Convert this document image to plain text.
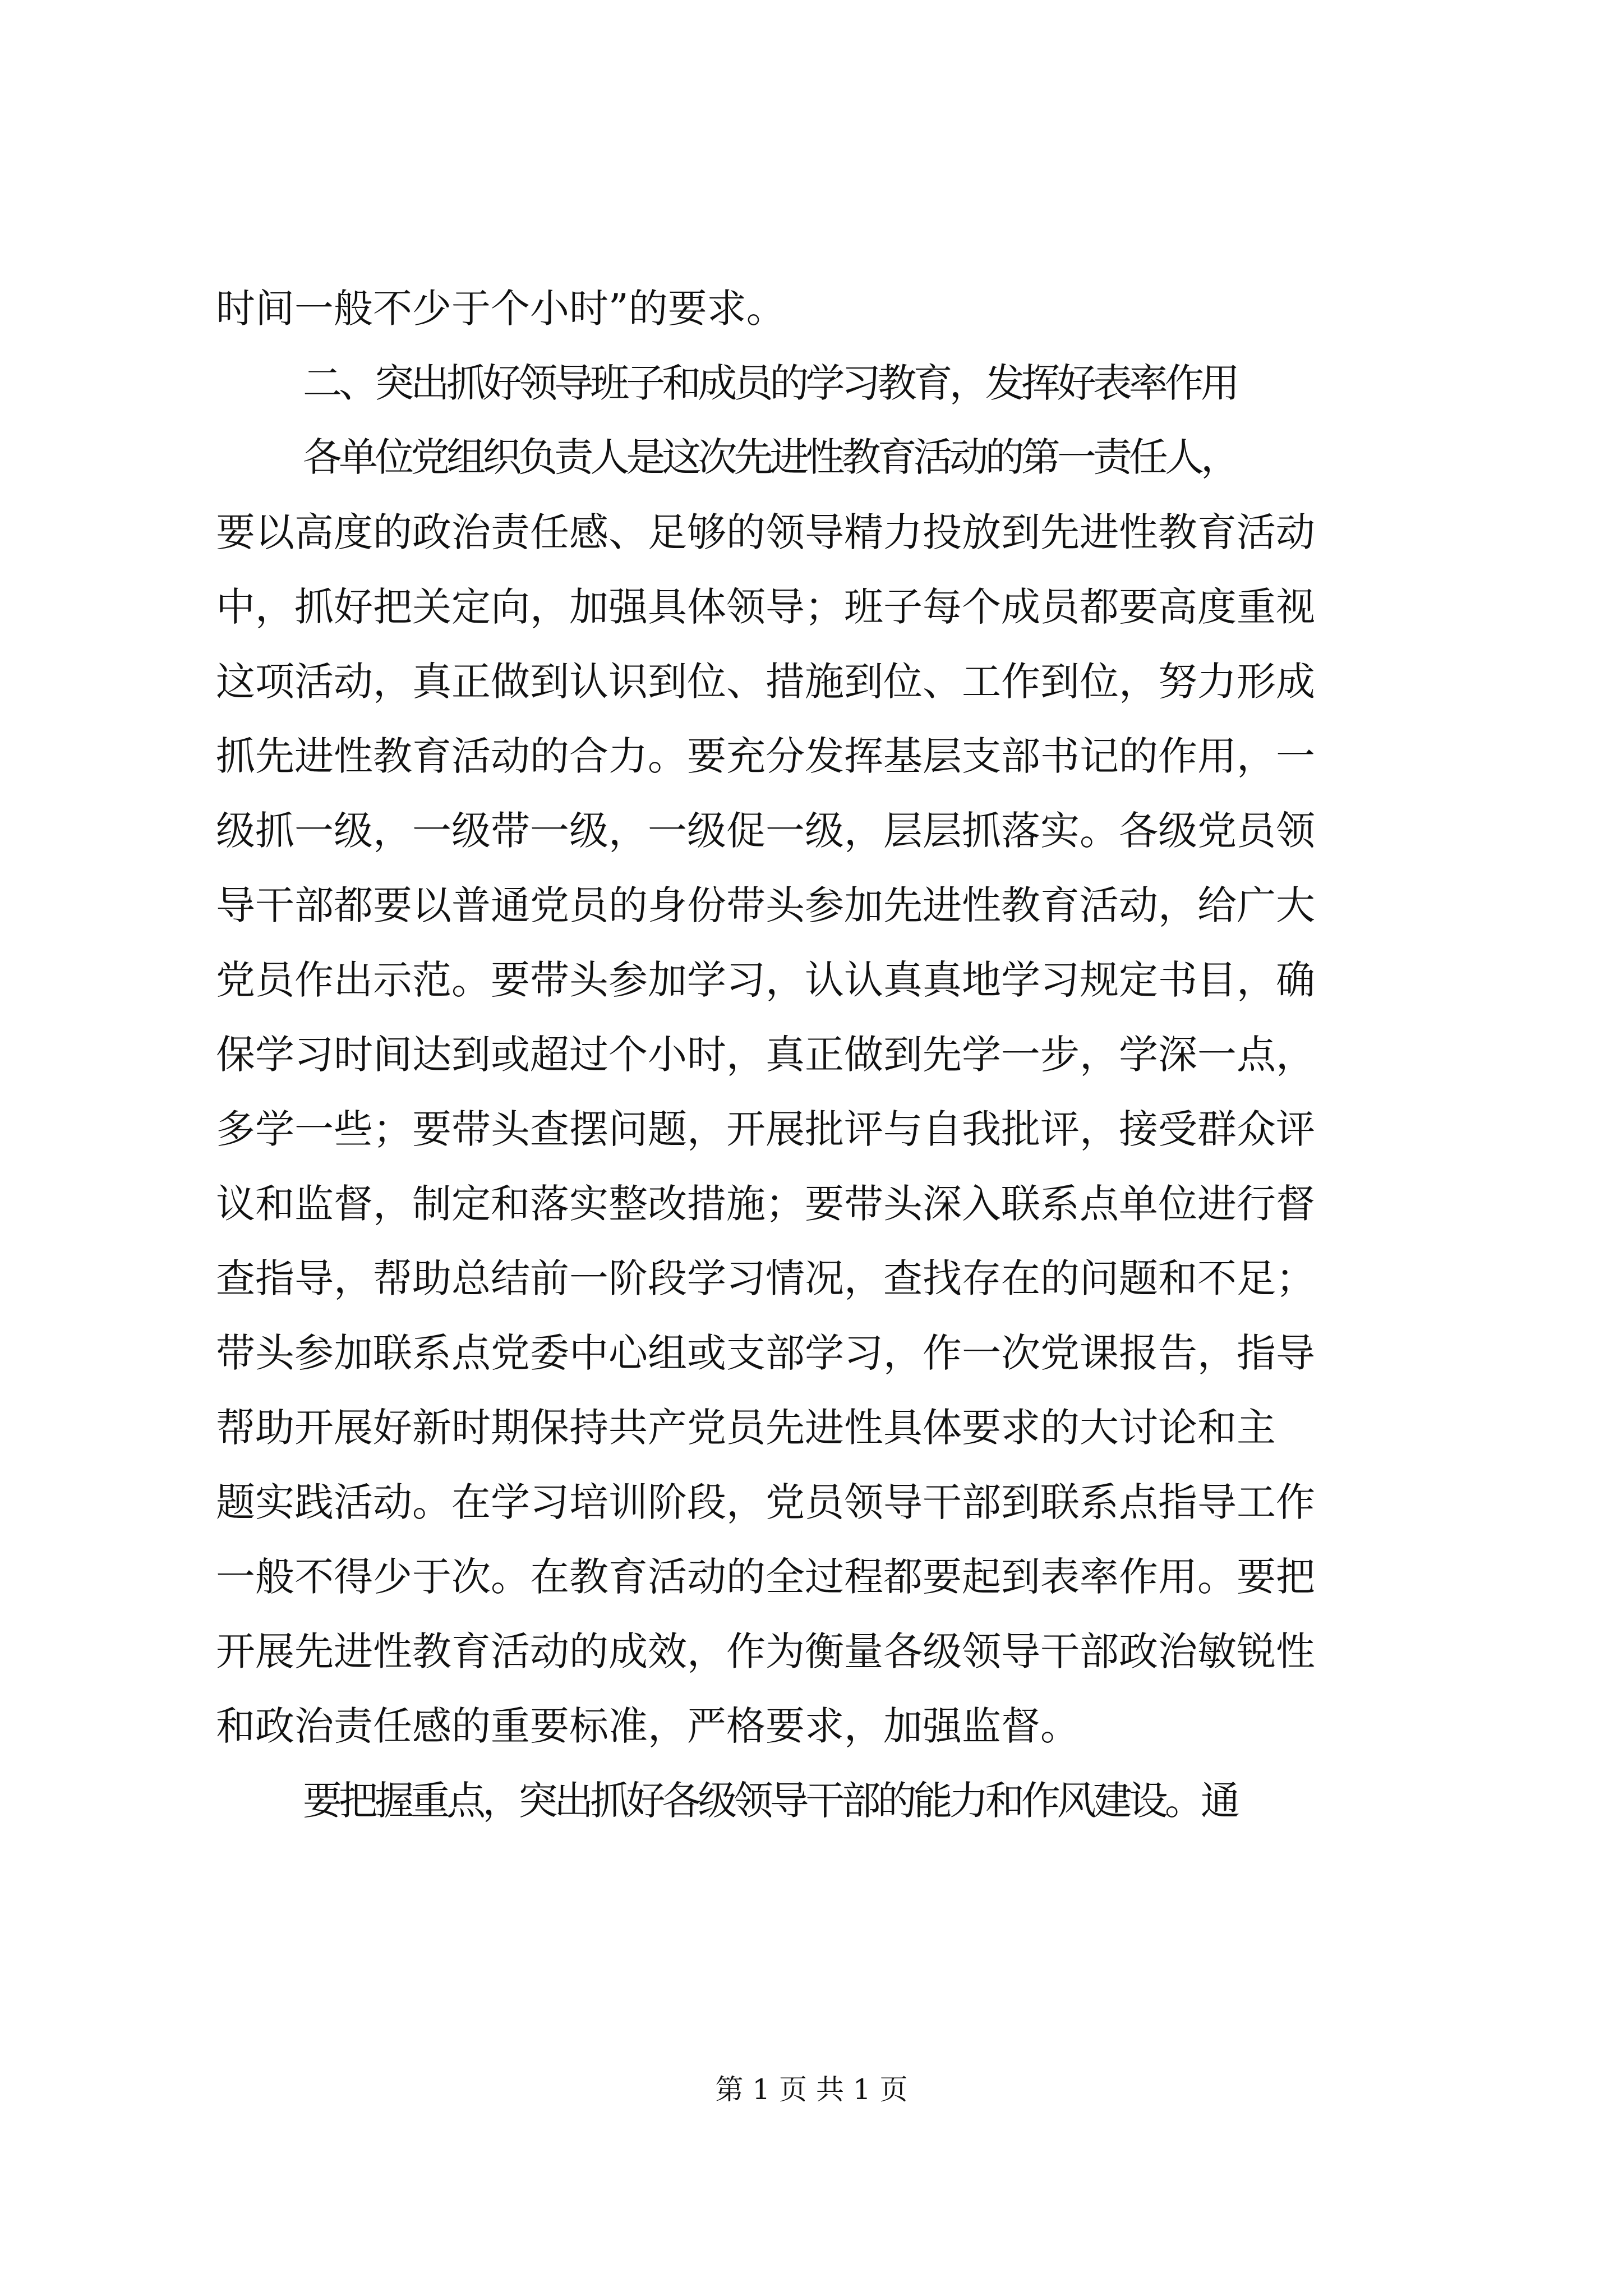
时间一般不少于个小时”的要求。
二、突出抓好领导班子和成员的学习教育，发挥好表率作用
各单位党组织负责人是这次先进性教育活动的第一责任人，
要以高度的政治责任感、足够的领导精力投放到先进性教育活动
中，抓好把关定向，加强具体领导；班子每个成员都要高度重视
这项活动，真正做到认识到位、措施到位、工作到位，努力形成
抓先进性教育活动的合力。要充分发挥基层支部书记的作用，一
级抓一级，一级带一级，一级促一级，层层抓落实。各级党员领
导干部都要以普通党员的身份带头参加先进性教育活动，给广大
党员作出示范。要带头参加学习，认认真真地学习规定书目，确
保学习时间达到或超过个小时，真正做到先学一步，学深一点，
多学一些；要带头查摆问题，开展批评与自我批评，接受群众评
议和监督，制定和落实整改措施；要带头深入联系点单位进行督
查指导，帮助总结前一阶段学习情况，查找存在的问题和不足；
带头参加联系点党委中心组或支部学习，作一次党课报告，指导
帮助开展好新时期保持共产党员先进性具体要求的大讨论和主
题实践活动。在学习培训阶段，党员领导干部到联系点指导工作
一般不得少于次。在教育活动的全过程都要起到表率作用。要把
开展先进性教育活动的成效，作为衡量各级领导干部政治敏锐性
和政治责任感的重要标准，严格要求，加强监督。
要把握重点，突出抓好各级领导干部的能力和作风建设。通
第 1 页 共 1 页
